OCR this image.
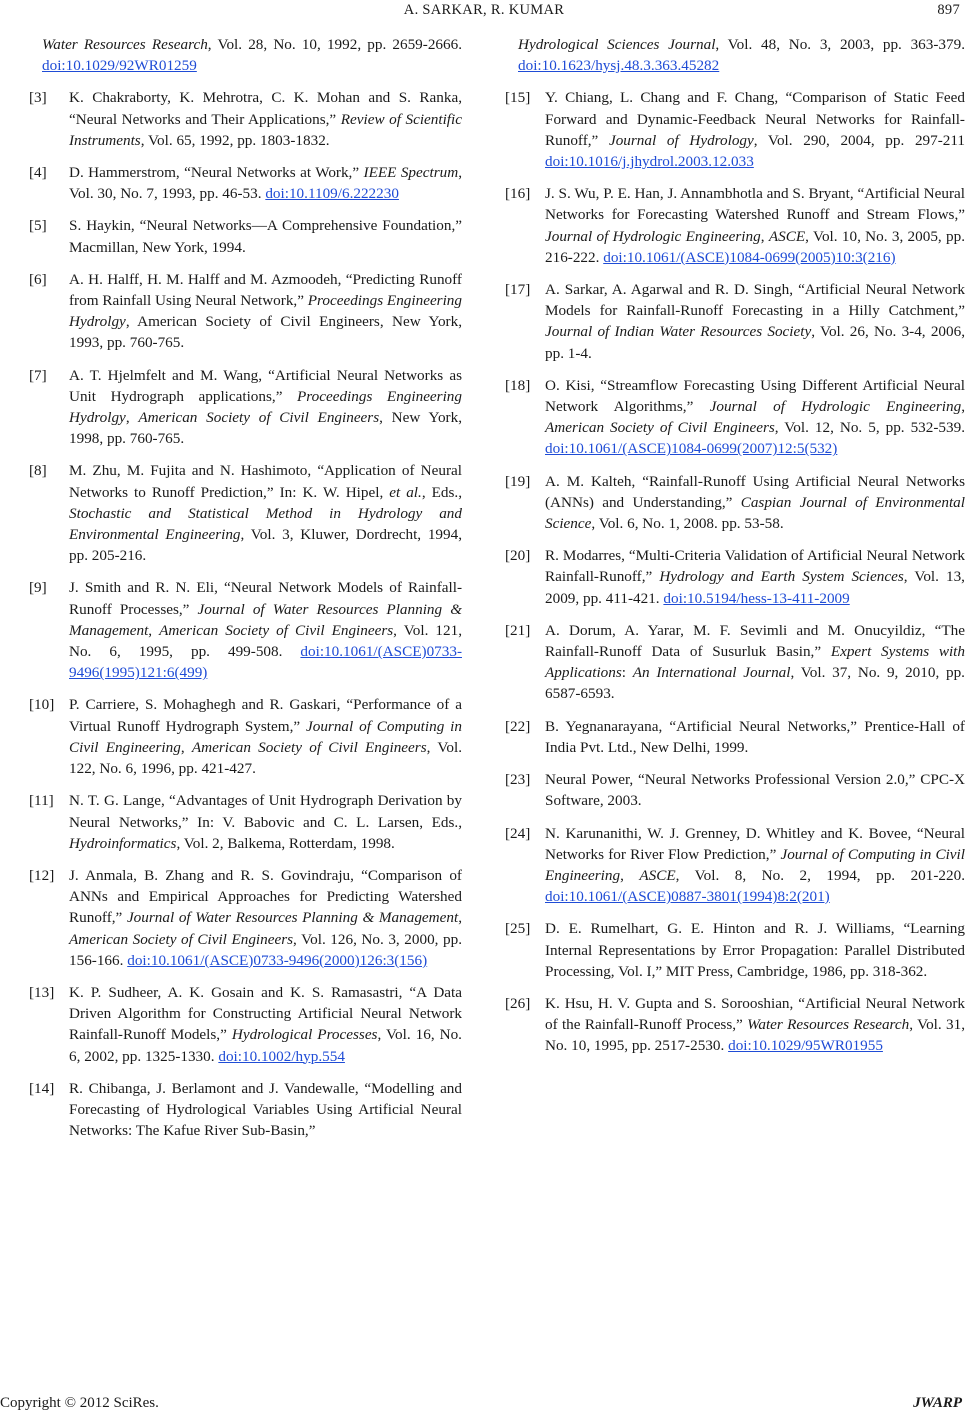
A. SARKAR, R. KUMAR	897
Water Resources Research, Vol. 28, No. 10, 1992, pp. 2659-2666. doi:10.1029/92WR01259
[3]	K. Chakraborty, K. Mehrotra, C. K. Mohan and S. Ranka, “Neural Networks and Their Applications,” Review of Scientific Instruments, Vol. 65, 1992, pp. 1803-1832.
[4]	D. Hammerstrom, “Neural Networks at Work,” IEEE Spectrum, Vol. 30, No. 7, 1993, pp. 46-53. doi:10.1109/6.222230
[5]	S. Haykin, “Neural Networks—A Comprehensive Foundation,” Macmillan, New York, 1994.
[6]	A. H. Halff, H. M. Halff and M. Azmoodeh, “Predicting Runoff from Rainfall Using Neural Network,” Proceedings Engineering Hydrolgy, American Society of Civil Engineers, New York, 1993, pp. 760-765.
[7]	A. T. Hjelmfelt and M. Wang, “Artificial Neural Networks as Unit Hydrograph applications,” Proceedings Engineering Hydrolgy, American Society of Civil Engineers, New York, 1998, pp. 760-765.
[8]	M. Zhu, M. Fujita and N. Hashimoto, “Application of Neural Networks to Runoff Prediction,” In: K. W. Hipel, et al., Eds., Stochastic and Statistical Method in Hydrology and Environmental Engineering, Vol. 3, Kluwer, Dordrecht, 1994, pp. 205-216.
[9]	J. Smith and R. N. Eli, “Neural Network Models of Rainfall-Runoff Processes,” Journal of Water Resources Planning & Management, American Society of Civil Engineers, Vol. 121, No. 6, 1995, pp. 499-508. doi:10.1061/(ASCE)0733-9496(1995)121:6(499)
[10] P. Carriere, S. Mohaghegh and R. Gaskari, “Performance of a Virtual Runoff Hydrograph System,” Journal of Computing in Civil Engineering, American Society of Civil Engineers, Vol. 122, No. 6, 1996, pp. 421-427.
[11]	N. T. G. Lange, “Advantages of Unit Hydrograph Derivation by Neural Networks,” In: V. Babovic and C. L. Larsen, Eds., Hydroinformatics, Vol. 2, Balkema, Rotterdam, 1998.
[12] J. Anmala, B. Zhang and R. S. Govindraju, “Comparison of ANNs and Empirical Approaches for Predicting Watershed Runoff,” Journal of Water Resources Planning & Management, American Society of Civil Engineers, Vol. 126, No. 3, 2000, pp. 156-166. doi:10.1061/(ASCE)0733-9496(2000)126:3(156)
[13] K. P. Sudheer, A. K. Gosain and K. S. Ramasastri, “A Data Driven Algorithm for Constructing Artificial Neural Network Rainfall-Runoff Models,” Hydrological Processes, Vol. 16, No. 6, 2002, pp. 1325-1330. doi:10.1002/hyp.554
[14] R. Chibanga, J. Berlamont and J. Vandewalle, “Modelling and Forecasting of Hydrological Variables Using Artificial Neural Networks: The Kafue River Sub-Basin,”
Hydrological Sciences Journal, Vol. 48, No. 3, 2003, pp. 363-379. doi:10.1623/hysj.48.3.363.45282
[15] Y. Chiang, L. Chang and F. Chang, “Comparison of Static Feed Forward and Dynamic-Feedback Neural Networks for Rainfall-Runoff,” Journal of Hydrology, Vol. 290, 2004, pp. 297-211 doi:10.1016/j.jhydrol.2003.12.033
[16] J. S. Wu, P. E. Han, J. Annambhotla and S. Bryant, “Artificial Neural Networks for Forecasting Watershed Runoff and Stream Flows,” Journal of Hydrologic Engineering, ASCE, Vol. 10, No. 3, 2005, pp. 216-222. doi:10.1061/(ASCE)1084-0699(2005)10:3(216)
[17] A. Sarkar, A. Agarwal and R. D. Singh, “Artificial Neural Network Models for Rainfall-Runoff Forecasting in a Hilly Catchment,” Journal of Indian Water Resources Society, Vol. 26, No. 3-4, 2006, pp. 1-4.
[18] O. Kisi, “Streamflow Forecasting Using Different Artificial Neural Network Algorithms,” Journal of Hydrologic Engineering, American Society of Civil Engineers, Vol. 12, No. 5, pp. 532-539. doi:10.1061/(ASCE)1084-0699(2007)12:5(532)
[19] A. M. Kalteh, “Rainfall-Runoff Using Artificial Neural Networks (ANNs) and Understanding,” Caspian Journal of Environmental Science, Vol. 6, No. 1, 2008. pp. 53-58.
[20] R. Modarres, “Multi-Criteria Validation of Artificial Neural Network Rainfall-Runoff,” Hydrology and Earth System Sciences, Vol. 13, 2009, pp. 411-421. doi:10.5194/hess-13-411-2009
[21] A. Dorum, A. Yarar, M. F. Sevimli and M. Onucyildiz, “The Rainfall-Runoff Data of Susurluk Basin,” Expert Systems with Applications: An International Journal, Vol. 37, No. 9, 2010, pp. 6587-6593.
[22] B. Yegnanarayana, “Artificial Neural Networks,” Prentice-Hall of India Pvt. Ltd., New Delhi, 1999.
[23] Neural Power, “Neural Networks Professional Version 2.0,” CPC-X Software, 2003.
[24] N. Karunanithi, W. J. Grenney, D. Whitley and K. Bovee, “Neural Networks for River Flow Prediction,” Journal of Computing in Civil Engineering, ASCE, Vol. 8, No. 2, 1994, pp. 201-220. doi:10.1061/(ASCE)0887-3801(1994)8:2(201)
[25] D. E. Rumelhart, G. E. Hinton and R. J. Williams, “Learning Internal Representations by Error Propagation: Parallel Distributed Processing, Vol. I,” MIT Press, Cambridge, 1986, pp. 318-362.
[26] K. Hsu, H. V. Gupta and S. Sorooshian, “Artificial Neural Network of the Rainfall-Runoff Process,” Water Resources Research, Vol. 31, No. 10, 1995, pp. 2517-2530. doi:10.1029/95WR01955
Copyright © 2012 SciRes.	JWARP
